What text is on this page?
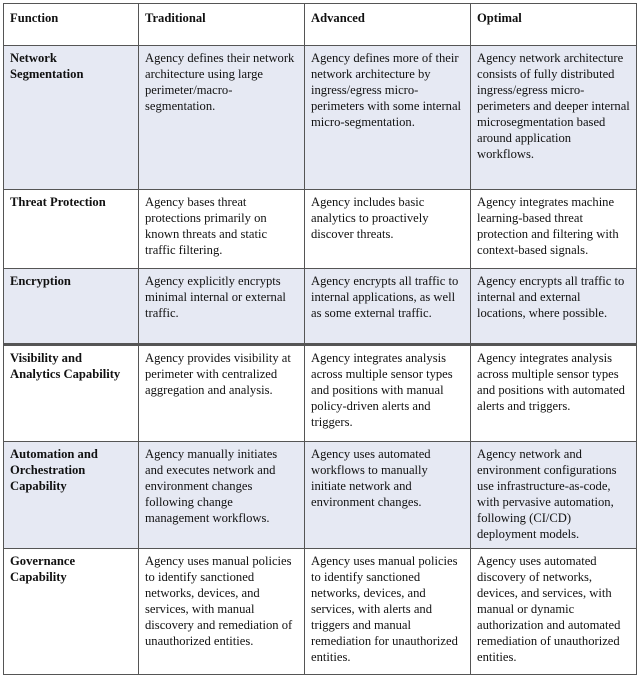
Function	Traditional	Advanced	Optimal
Network Segmentation	Agency defines their network architecture using large perimeter/macro-segmentation.	Agency defines more of their network architecture by ingress/egress micro-perimeters with some internal micro-segmentation.	Agency network architecture consists of fully distributed ingress/egress micro-perimeters and deeper internal microsegmentation based around application workflows.
Threat Protection	Agency bases threat protections primarily on known threats and static traffic filtering.	Agency includes basic analytics to proactively discover threats.	Agency integrates machine learning-based threat protection and filtering with context-based signals.
Encryption	Agency explicitly encrypts minimal internal or external traffic.	Agency encrypts all traffic to internal applications, as well as some external traffic.	Agency encrypts all traffic to internal and external locations, where possible.
Visibility and Analytics Capability	Agency provides visibility at perimeter with centralized aggregation and analysis.	Agency integrates analysis across multiple sensor types and positions with manual policy-driven alerts and triggers.	Agency integrates analysis across multiple sensor types and positions with automated alerts and triggers.
Automation and Orchestration Capability	Agency manually initiates and executes network and environment changes following change management workflows.	Agency uses automated workflows to manually initiate network and environment changes.	Agency network and environment configurations use infrastructure-as-code, with pervasive automation, following (CI/CD) deployment models.
Governance Capability	Agency uses manual policies to identify sanctioned networks, devices, and services, with manual discovery and remediation of unauthorized entities.	Agency uses manual policies to identify sanctioned networks, devices, and services, with alerts and triggers and manual remediation for unauthorized entities.	Agency uses automated discovery of networks, devices, and services, with manual or dynamic authorization and automated remediation of unauthorized entities.
